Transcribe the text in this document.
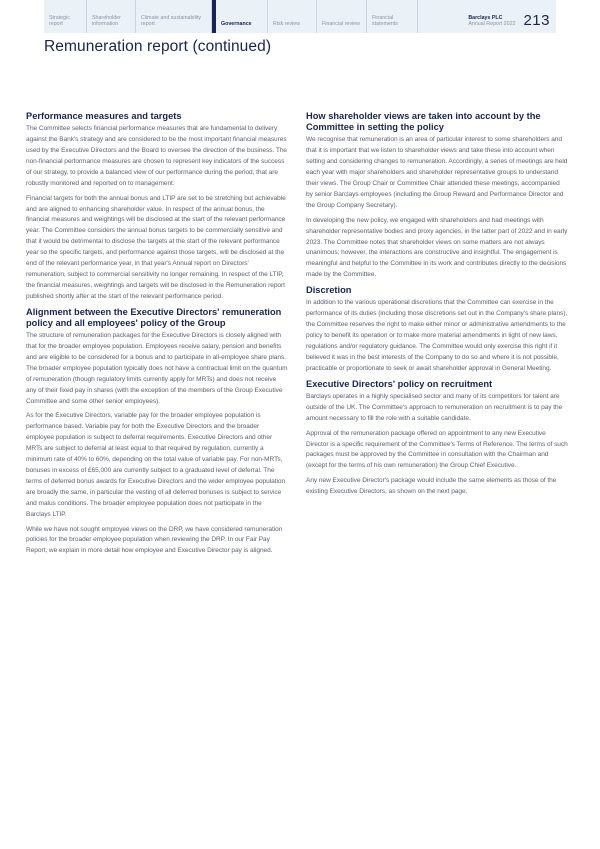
Strategic report
Shareholder information
Climate and sustainability report	Governance	Risk review	Financial review
Financial statements
Barclays PLC
Annual Report 2022 213
Remuneration report (continued)
Performance measures and targets

The Committee selects financial performance measures that are fundamental to delivery against the Bank's strategy and are considered to be the most important financial measures used by the Executive Directors and the Board to oversee the direction of the business. The non-financial performance measures are chosen to represent key indicators of the success of our strategy, to provide a balanced view of our performance during the period, that are robustly monitored and reported on to management.

Financial targets for both the annual bonus and LTIP are set to be stretching but achievable and are aligned to enhancing shareholder value. In respect of the annual bonus, the financial measures and weightings will be disclosed at the start of the relevant performance year. The Committee considers the annual bonus targets to be commercially sensitive and that it would be detrimental to disclose the targets at the start of the relevant performance year so the specific targets, and performance against those targets, will be disclosed at the end of the relevant performance year, in that year's Annual report on Directors' remuneration, subject to commercial sensitivity no longer remaining. In respect of the LTIP, the financial measures, weightings and targets will be disclosed in the Remuneration report published shortly after at the start of the relevant performance period.

Alignment between the Executive Directors' remuneration policy and all employees' policy of the Group

The structure of remuneration packages for the Executive Directors is closely aligned with that for the broader employee population. Employees receive salary, pension and benefits and are eligible to be considered for a bonus and to participate in all-employee share plans. The broader employee population typically does not have a contractual limit on the quantum of remuneration (though regulatory limits currently apply for MRTs) and does not receive any of their fixed pay in shares (with the exception of the members of the Group Executive Committee and some other senior employees).

As for the Executive Directors, variable pay for the broader employee population is performance based. Variable pay for both the Executive Directors and the broader employee population is subject to deferral requirements. Executive Directors and other MRTs are subject to deferral at least equal to that required by regulation, currently a minimum rate of 40% to 60%, depending on the total value of variable pay. For non-MRTs, bonuses in excess of £65,000 are currently subject to a graduated level of deferral. The terms of deferred bonus awards for Executive Directors and the wider employee population are broadly the same, in particular the vesting of all deferred bonuses is subject to service and malus conditions. The broader employee population does not participate in the Barclays LTIP.

While we have not sought employee views on the DRP, we have considered remuneration policies for the broader employee population when reviewing the DRP. In our Fair Pay Report, we explain in more detail how employee and Executive Director pay is aligned.

How shareholder views are taken into account by the Committee in setting the policy

We recognise that remuneration is an area of particular interest to some shareholders and that it is important that we listen to shareholder views and take these into account when setting and considering changes to remuneration. Accordingly, a series of meetings are held each year with major shareholders and shareholder representative groups to understand their views. The Group Chair or Committee Chair attended these meetings, accompanied by senior Barclays employees (including the Group Reward and Performance Director and the Group Company Secretary).

In developing the new policy, we engaged with shareholders and had meetings with shareholder representative bodies and proxy agencies, in the latter part of 2022 and in early 2023. The Committee notes that shareholder views on some matters are not always unanimous; however, the interactions are constructive and insightful. The engagement is meaningful and helpful to the Committee in its work and contributes directly to the decisions made by the Committee.

Discretion

In addition to the various operational discretions that the Committee can exercise in the performance of its duties (including those discretions set out in the Company's share plans), the Committee reserves the right to make either minor or administrative amendments to the policy to benefit its operation or to make more material amendments in light of new laws, regulations and/or regulatory guidance. The Committee would only exercise this right if it believed it was in the best interests of the Company to do so and where it is not possible, practicable or proportionate to seek or await shareholder approval in General Meeting.

Executive Directors' policy on recruitment

Barclays operates in a highly specialised sector and many of its competitors for talent are outside of the UK. The Committee's approach to remuneration on recruitment is to pay the amount necessary to fill the role with a suitable candidate.

Approval of the remuneration package offered on appointment to any new Executive Director is a specific requirement of the Committee's Terms of Reference. The terms of such packages must be approved by the Committee in consultation with the Chairman and (except for the terms of his own remuneration) the Group Chief Executive.

Any new Executive Director's package would include the same elements as those of the existing Executive Directors, as shown on the next page.
